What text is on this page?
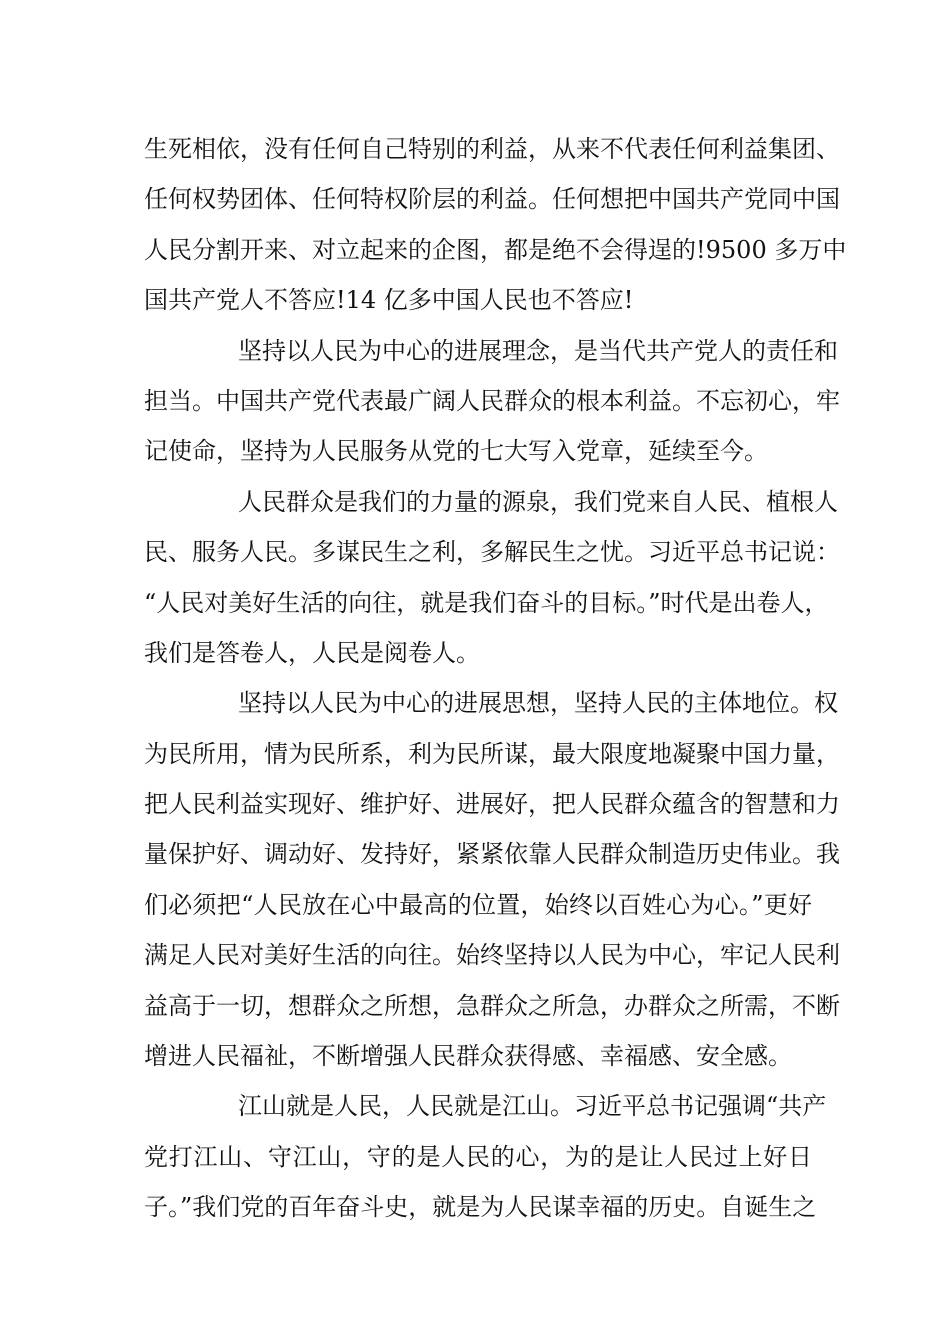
生死相依，没有任何自己特别的利益，从来不代表任何利益集团、
任何权势团体、任何特权阶层的利益。任何想把中国共产党同中国
人民分割开来、对立起来的企图，都是绝不会得逞的!9500 多万中
国共产党人不答应!14 亿多中国人民也不答应!
坚持以人民为中心的进展理念，是当代共产党人的责任和
担当。中国共产党代表最广阔人民群众的根本利益。不忘初心，牢
记使命，坚持为人民服务从党的七大写入党章，延续至今。
人民群众是我们的力量的源泉，我们党来自人民、植根人
民、服务人民。多谋民生之利，多解民生之忧。习近平总书记说：
“人民对美好生活的向往，就是我们奋斗的目标。”时代是出卷人，
我们是答卷人，人民是阅卷人。
坚持以人民为中心的进展思想，坚持人民的主体地位。权
为民所用，情为民所系，利为民所谋，最大限度地凝聚中国力量，
把人民利益实现好、维护好、进展好，把人民群众蕴含的智慧和力
量保护好、调动好、发持好，紧紧依靠人民群众制造历史伟业。我
们必须把“人民放在心中最高的位置，始终以百姓心为心。”更好
满足人民对美好生活的向往。始终坚持以人民为中心，牢记人民利
益高于一切，想群众之所想，急群众之所急，办群众之所需，不断
增进人民福祉，不断增强人民群众获得感、幸福感、安全感。
江山就是人民，人民就是江山。习近平总书记强调“共产
党打江山、守江山，守的是人民的心，为的是让人民过上好日
子。”我们党的百年奋斗史，就是为人民谋幸福的历史。自诞生之
